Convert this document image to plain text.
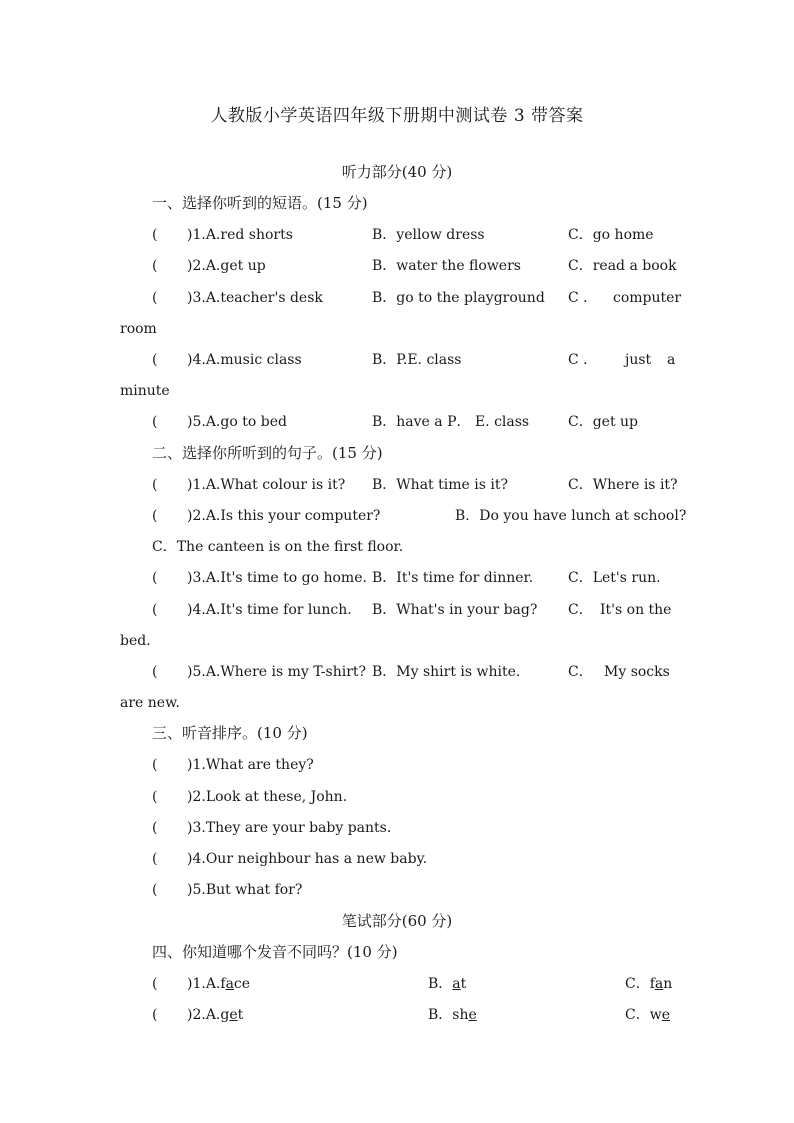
人教版小学英语四年级下册期中测试卷 3 带答案
听力部分(40 分)
一、选择你听到的短语。(15 分)
( )1.A.red shorts	B．yellow dress	C．go home
( )2.A.get up	B．water the flowers	C．read a book
( )3.A.teacher's desk	B．go to the playground C ． computer
room
( )4.A.music class	B．P.E. class	C ． just a
minute
( )5.A.go to bed	B．have a P． E. class	C．get up
二、选择你所听到的句子。(15 分)
( )1.A.What colour is it? B．What time is it?	C．Where is it?
( )2.A.Is this your computer?	B．Do you have lunch at school?
C．The canteen is on the first floor.
( )3.A.It's time to go home. B．It's time for dinner. C．Let's run.
( )4.A.It's time for lunch. B．What's in your bag? C． It's on the
bed.
( )5.A.Where is my T-shirt? B．My shirt is white.	C． My socks
are new.
三、听音排序。(10 分)
( )1.What are they?
( )2.Look at these, John.
( )3.They are your baby pants.
( )4.Our neighbour has a new baby.
( )5.But what for?
笔试部分(60 分)
四、你知道哪个发音不同吗？(10 分)
( )1.A.face	B．at	C．fan
( )2.A.get	B．she	C．we
